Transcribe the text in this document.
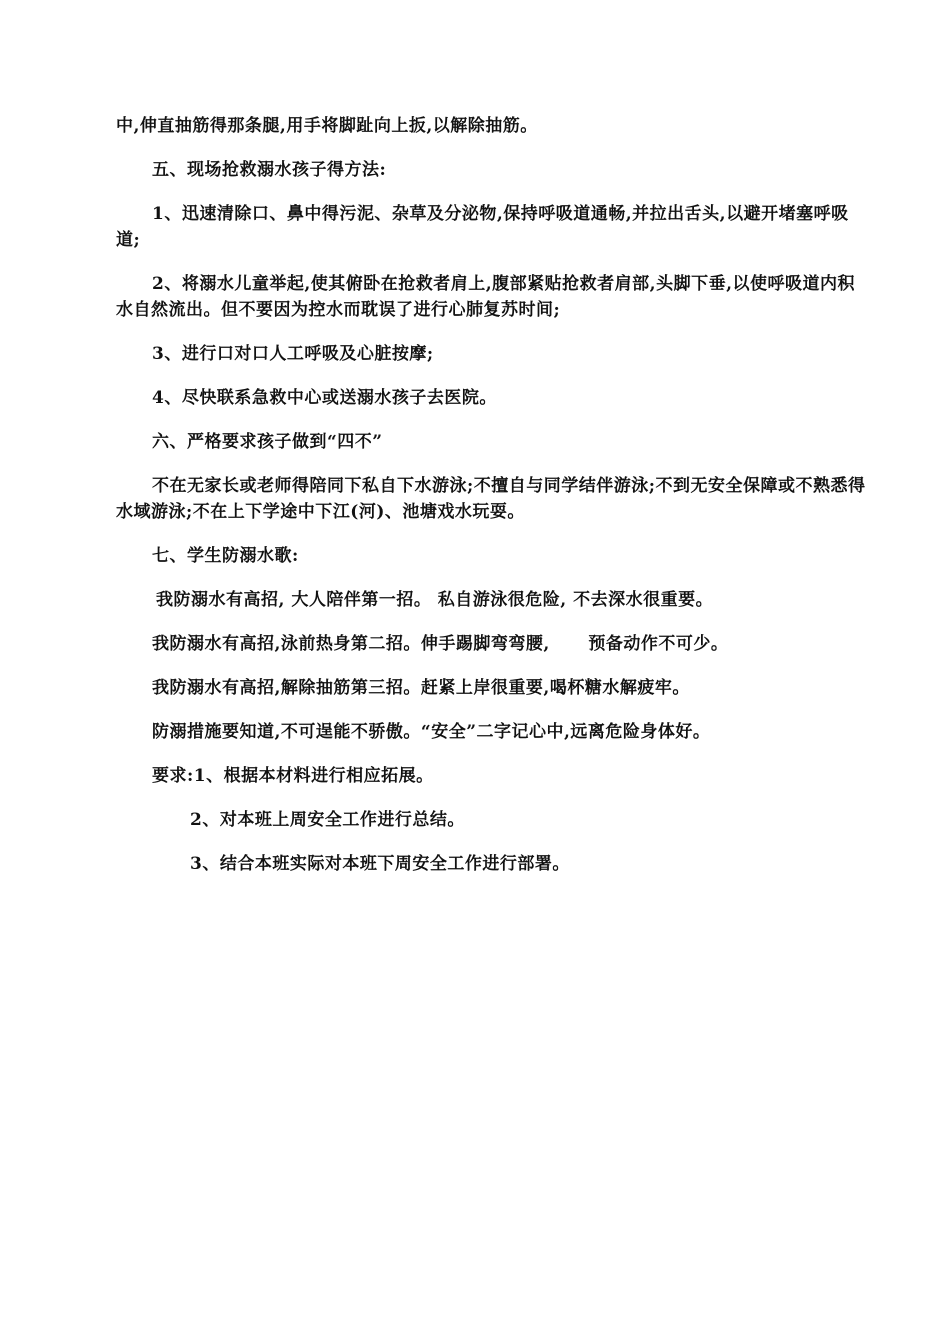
中,伸直抽筋得那条腿,用手将脚趾向上扳,以解除抽筋。

五、现场抢救溺水孩子得方法:

1、迅速清除口、鼻中得污泥、杂草及分泌物,保持呼吸道通畅,并拉出舌头,以避开堵塞呼吸道;

2、将溺水儿童举起,使其俯卧在抢救者肩上,腹部紧贴抢救者肩部,头脚下垂,以使呼吸道内积水自然流出。但不要因为控水而耽误了进行心肺复苏时间;

3、进行口对口人工呼吸及心脏按摩;

4、尽快联系急救中心或送溺水孩子去医院。

六、严格要求孩子做到“四不”

不在无家长或老师得陪同下私自下水游泳;不擅自与同学结伴游泳;不到无安全保障或不熟悉得水域游泳;不在上下学途中下江(河)、池塘戏水玩耍。

七、学生防溺水歌:

我防溺水有高招, 大人陪伴第一招。 私自游泳很危险, 不去深水很重要。

我防溺水有高招,泳前热身第二招。伸手踢脚弯弯腰,      预备动作不可少。

我防溺水有高招,解除抽筋第三招。赶紧上岸很重要,喝杯糖水解疲牢。

防溺措施要知道,不可逞能不骄傲。“安全”二字记心中,远离危险身体好。

要求:1、根据本材料进行相应拓展。

2、对本班上周安全工作进行总结。

3、结合本班实际对本班下周安全工作进行部署。
